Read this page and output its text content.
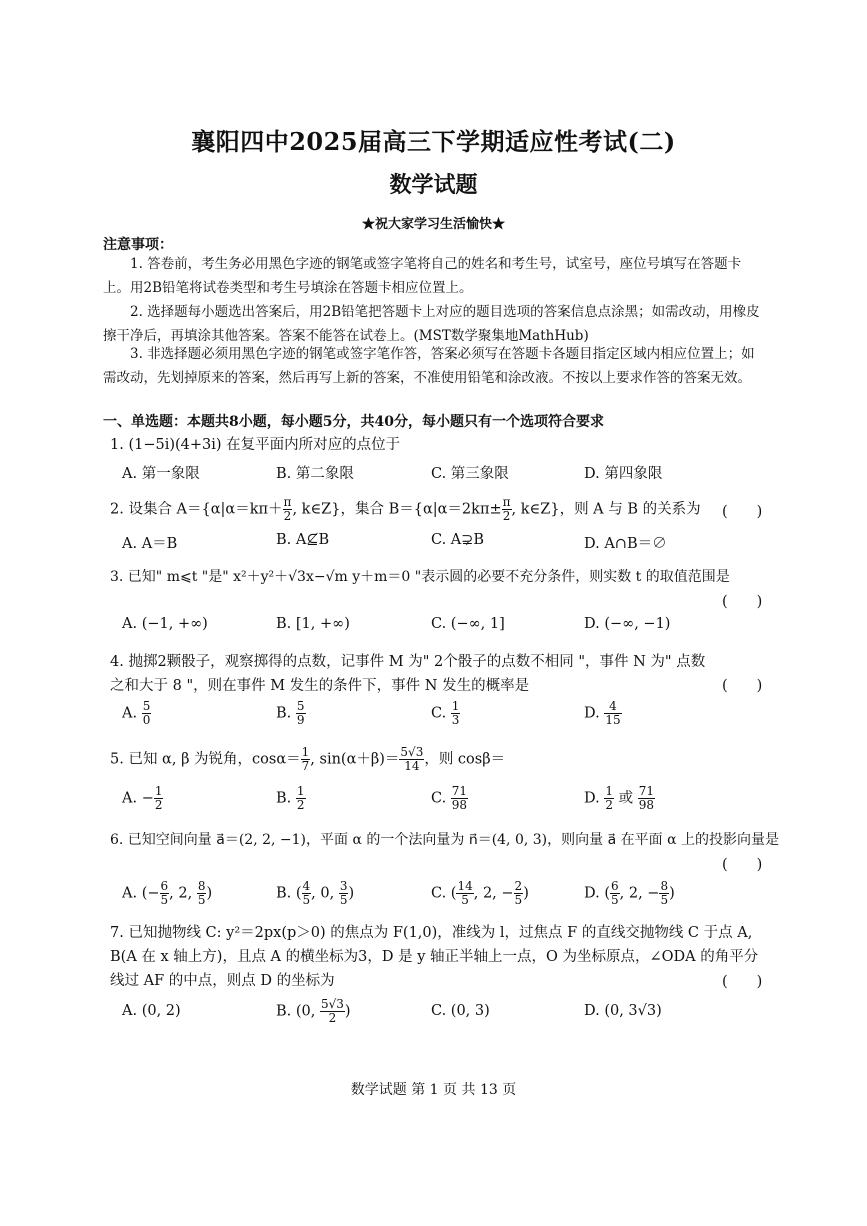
襄阳四中2025届高三下学期适应性考试(二)
数学试题
★祝大家学习生活愉快★
注意事项：
1. 答卷前，考生务必用黑色字迹的钢笔或签字笔将自己的姓名和考生号，试室号，座位号填写在答题卡上。用2B铅笔将试卷类型和考生号填涂在答题卡相应位置上。
2. 选择题每小题选出答案后，用2B铅笔把答题卡上对应的题目选项的答案信息点涂黑；如需改动，用橡皮擦干净后，再填涂其他答案。答案不能答在试卷上。(MST数学聚集地MathHub)
3. 非选择题必须用黑色字迹的钢笔或签字笔作答，答案必须写在答题卡各题目指定区域内相应位置上；如需改动，先划掉原来的答案，然后再写上新的答案，不准使用铅笔和涂改液。不按以上要求作答的答案无效。
一、单选题：本题共8小题，每小题5分，共40分，每小题只有一个选项符合要求
1. (1−5i)(4+3i) 在复平面内所对应的点位于
A. 第一象限	B. 第二象限	C. 第三象限	D. 第四象限
2. 设集合 $A=\{\alpha|\alpha=k\pi+ \frac{\pi}{2}$ , k∈Z}，集合 $B=\{\alpha|\alpha=2k\pi\pm \frac{\pi}{2}$ , k∈Z}，则 A 与 B 的关系为 (　　)
A. A＝B	B. A⊈B	C. A⊋B	D. A∩B＝∅
3. 已知" m⩽t "是" x²＋y²＋√3x−√m y＋m＝0 "表示圆的必要不充分条件，则实数 t 的取值范围是
(　　)
A. (−1, +∞)	B. [1, +∞)	C. (−∞, 1]	D. (−∞, −1)
4. 抛掷2颗骰子，观察掷得的点数，记事件 M 为" 2个骰子的点数不相同 "，事件 N 为" 点数之和大于 8 "，则在事件 M 发生的条件下，事件 N 发生的概率是	(　　)
A. $\frac{5}{0}$	B. $\frac{5}{9}$	C. $\frac{1}{3}$	D. $\frac{4}{15}$
5. 已知 α, β 为锐角，$\cos\alpha= \frac{1}{7}$ , $\sin(\alpha+\beta)= \frac{5√3}{14}$ ，则 cosβ＝
A. − $\frac{1}{2}$	B. $\frac{1}{2}$	C. $\frac{71}{98}$	D. $\frac{1}{2}$ 或 $\frac{71}{98}$
6. 已知空间向量 a⃗＝(2, 2, −1)，平面 α 的一个法向量为 n⃗＝(4, 0, 3)，则向量 a⃗ 在平面 α 上的投影向量是
(　　)
A. (− $\frac{6}{5}$ , 2, $\frac{8}{5}$ )	B. ( $\frac{4}{5}$ , 0, $\frac{3}{5}$ )	C. ( $\frac{14}{5}$ , 2, − $\frac{2}{5}$ )	D. ( $\frac{6}{5}$ , 2, − $\frac{8}{5}$ )
7. 已知抛物线 C: y²＝2px(p＞0) 的焦点为 F(1,0)，准线为 l，过焦点 F 的直线交抛物线 C 于点 A, B(A 在 x 轴上方)，且点 A 的横坐标为3，D 是 y 轴正半轴上一点，O 为坐标原点，∠ODA 的角平分线过 AF 的中点，则点 D 的坐标为	(　　)
A. (0, 2)	B. (0, $\frac{5√3}{2}$ )	C. (0, 3)	D. (0, 3√3)
数学试题 第 1 页 共 13 页
